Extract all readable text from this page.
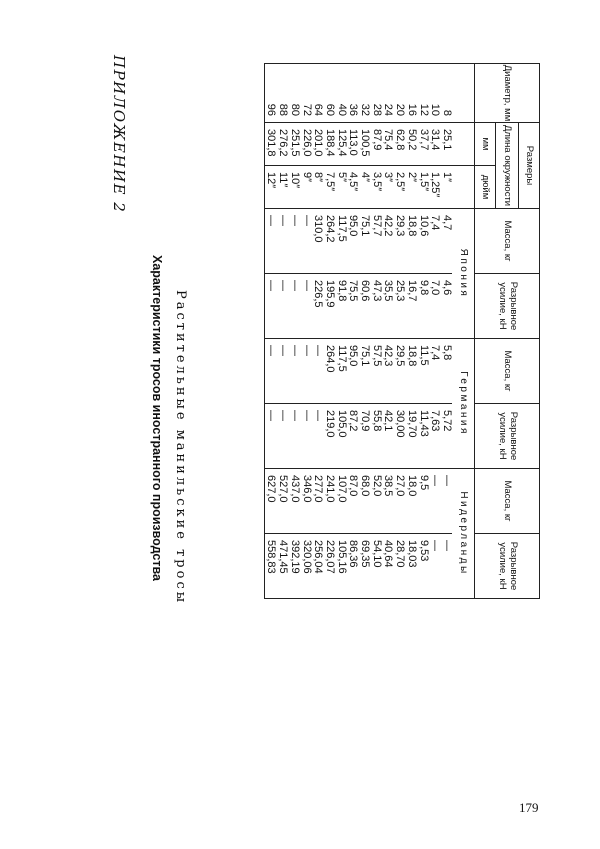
ПРИЛОЖЕНИЕ 2
Характеристики тросов иностранного производства Растительные манильские тросы
Диаметр, мм	Размеры		Масса, кг	Разрывное усилие, кН	Масса, кг	Разрывное усилие, кН	Масса, кг	Разрывное усилие, кН
	Длина окружности							
	мм	дюйм						
			Япония		Германия		Нидерланды	
8	25,1	1″	4,7	4,6	5,8	5,72	—	—
10	31,4	1,25″	7,4	7,0	7,4	7,63	—	—
12	37,7	1,5″	10,6	9,8	11,5	11,43	9,5	9,53
16	50,2	2″	18,8	16,7	18,8	19,70	18,0	18,03
20	62,8	2,5″	29,3	25,3	29,5	30,00	27,0	28,70
24	75,4	3″	42,2	35,5	42,3	42,1	38,5	40,64
28	87,9	3,5″	57,7	47,3	57,5	55,8	52,0	54,10
32	100,5	4″	75,1	60,6	75,1	70,9	68,0	69,35
36	113,0	4,5″	95,0	75,5	95,0	87,2	87,0	86,36
40	125,4	5″	117,5	91,8	117,5	105,0	107,0	105,16
60	188,4	7,5″	264,2	195,9	264,0	219,0	241,0	226,07
64	201,0	8″	310,0	226,5	—	—	277,0	256,04
72	226,0	9″	—	—	—	—	346,0	320,06
80	251,5	10″	—	—	—	—	437,0	392,19
88	276,2	11″	—	—	—	—	527,0	471,45
96	301,8	12″	—	—	—	—	627,0	558,83
179
